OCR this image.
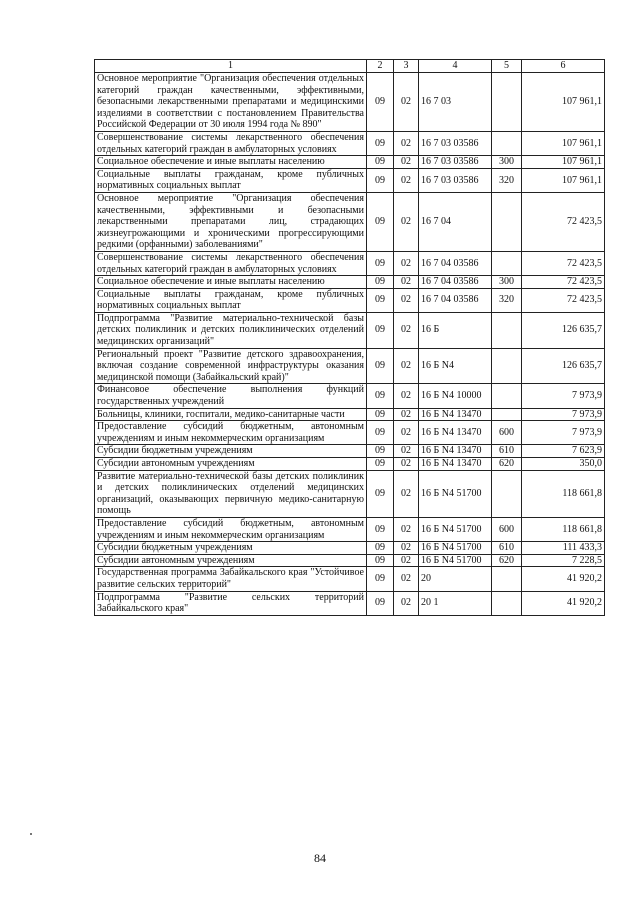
1	2	3	4	5	6
Основное мероприятие "Организация обеспечения отдельных категорий граждан качественными, эффективными, безопасными лекарственными препаратами и медицинскими изделиями в соответствии с постановлением Правительства Российской Федерации от 30 июля 1994 года № 890"	09	02	16 7 03		107 961,1
Совершенствование системы лекарственного обеспечения отдельных категорий граждан в амбулаторных условиях	09	02	16 7 03 03586		107 961,1
Социальное обеспечение и иные выплаты населению	09	02	16 7 03 03586	300	107 961,1
Социальные выплаты гражданам, кроме публичных нормативных социальных выплат	09	02	16 7 03 03586	320	107 961,1
Основное мероприятие "Организация обеспечения качественными, эффективными и безопасными лекарственными препаратами лиц, страдающих жизнеугрожающими и хроническими прогрессирующими редкими (орфанными) заболеваниями"	09	02	16 7 04		72 423,5
Совершенствование системы лекарственного обеспечения отдельных категорий граждан в амбулаторных условиях	09	02	16 7 04 03586		72 423,5
Социальное обеспечение и иные выплаты населению	09	02	16 7 04 03586	300	72 423,5
Социальные выплаты гражданам, кроме публичных нормативных социальных выплат	09	02	16 7 04 03586	320	72 423,5
Подпрограмма "Развитие материально-технической базы детских поликлиник и детских поликлинических отделений медицинских организаций"	09	02	16 Б		126 635,7
Региональный проект "Развитие детского здравоохранения, включая создание современной инфраструктуры оказания медицинской помощи (Забайкальский край)"	09	02	16 Б N4		126 635,7
Финансовое обеспечение выполнения функций государственных учреждений	09	02	16 Б N4 10000		7 973,9
Больницы, клиники, госпитали, медико-санитарные части	09	02	16 Б N4 13470		7 973,9
Предоставление субсидий бюджетным, автономным учреждениям и иным некоммерческим организациям	09	02	16 Б N4 13470	600	7 973,9
Субсидии бюджетным учреждениям	09	02	16 Б N4 13470	610	7 623,9
Субсидии автономным учреждениям	09	02	16 Б N4 13470	620	350,0
Развитие материально-технической базы детских поликлиник и детских поликлинических отделений медицинских организаций, оказывающих первичную медико-санитарную помощь	09	02	16 Б N4 51700		118 661,8
Предоставление субсидий бюджетным, автономным учреждениям и иным некоммерческим организациям	09	02	16 Б N4 51700	600	118 661,8
Субсидии бюджетным учреждениям	09	02	16 Б N4 51700	610	111 433,3
Субсидии автономным учреждениям	09	02	16 Б N4 51700	620	7 228,5
Государственная программа Забайкальского края "Устойчивое развитие сельских территорий"	09	02	20		41 920,2
Подпрограмма "Развитие сельских территорий Забайкальского края"	09	02	20 1		41 920,2
84
